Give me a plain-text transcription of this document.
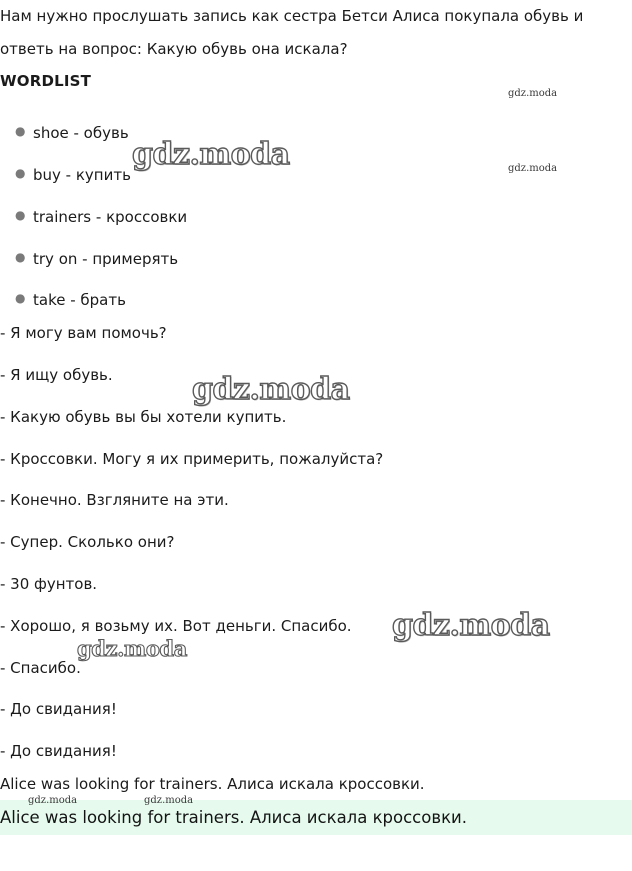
Нам нужно прослушать запись как сестра Бетси Алиса покупала обувь и
ответь на вопрос: Какую обувь она искала?
WORDLIST
● shoe - обувь
● buy - купить
● trainers - кроссовки
● try on - примерять
● take - брать
- Я могу вам помочь?
- Я ищу обувь.
- Какую обувь вы бы хотели купить.
- Кроссовки. Могу я их примерить, пожалуйста?
- Конечно. Взгляните на эти.
- Супер. Сколько они?
- 30 фунтов.
- Хорошо, я возьму их. Вот деньги. Спасибо.
- Спасибо.
- До свидания!
- До свидания!
Alice was looking for trainers. Алиса искала кроссовки.
Alice was looking for trainers. Алиса искала кроссовки.
gdz.moda
gdz.moda
gdz.moda
gdz.moda
gdz.moda
gdz.moda
gdz.moda	gdz.moda
